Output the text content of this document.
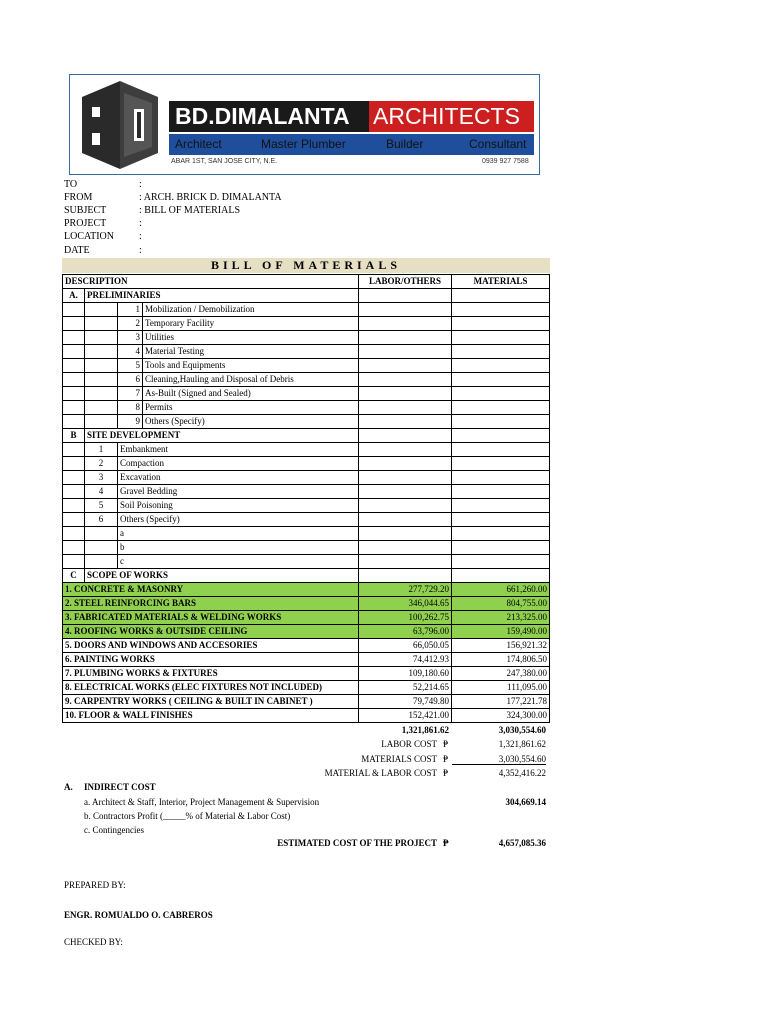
BD.DIMALANTA ARCHITECTS
Architect	Master Plumber	Builder	Consultant
ABAR 1ST, SAN JOSE CITY, N.E.	0939 927 7588
TO	:
FROM	: ARCH. BRICK D. DIMALANTA
SUBJECT	: BILL OF MATERIALS
PROJECT	:
LOCATION	:
DATE	:
BILL OF MATERIALS
DESCRIPTION				LABOR/OTHERS	MATERIALS
A.	PRELIMINARIES				
		1	Mobilization / Demobilization		
		2	Temporary Facility		
		3	Utilities		
		4	Material Testing		
		5	Tools and Equipments		
		6	Cleaning,Hauling and Disposal of Debris		
		7	As-Built (Signed and Sealed)		
		8	Permits		
		9	Others (Specify)		
B	SITE DEVELOPMENT				
	1	Embankment			
	2	Compaction			
	3	Excavation			
	4	Gravel Bedding			
	5	Soil Poisoning			
	6	Others (Specify)			
		a			
		b			
		c			
C	SCOPE OF WORKS				
1. CONCRETE & MASONRY				277,729.20	661,260.00
2. STEEL REINFORCING BARS				346,044.65	804,755.00
3. FABRICATED MATERIALS & WELDING WORKS				100,262.75	213,325.00
4. ROOFING WORKS & OUTSIDE CEILING				63,796.00	159,490.00
5. DOORS AND WINDOWS AND ACCESORIES				66,050.05	156,921.32
6. PAINTING WORKS				74,412.93	174,806.50
7. PLUMBING WORKS & FIXTURES				109,180.60	247,380.00
8. ELECTRICAL WORKS (ELEC FIXTURES NOT INCLUDED)				52,214.65	111,095.00
9. CARPENTRY WORKS ( CEILING & BUILT IN CABINET )				79,749.80	177,221.78
10. FLOOR & WALL FINISHES				152,421.00	324,300.00
1,321,861.62	3,030,554.60
LABOR COST ₱	1,321,861.62
MATERIALS COST ₱	3,030,554.60
MATERIAL & LABOR COST ₱	4,352,416.22
A. INDIRECT COST
a. Architect & Staff, Interior, Project Management & Supervision	304,669.14
b. Contractors Profit (_____% of Material & Labor Cost)
c. Contingencies
ESTIMATED COST OF THE PROJECT ₱	4,657,085.36
PREPARED BY:
ENGR. ROMUALDO O. CABREROS
CHECKED BY:
